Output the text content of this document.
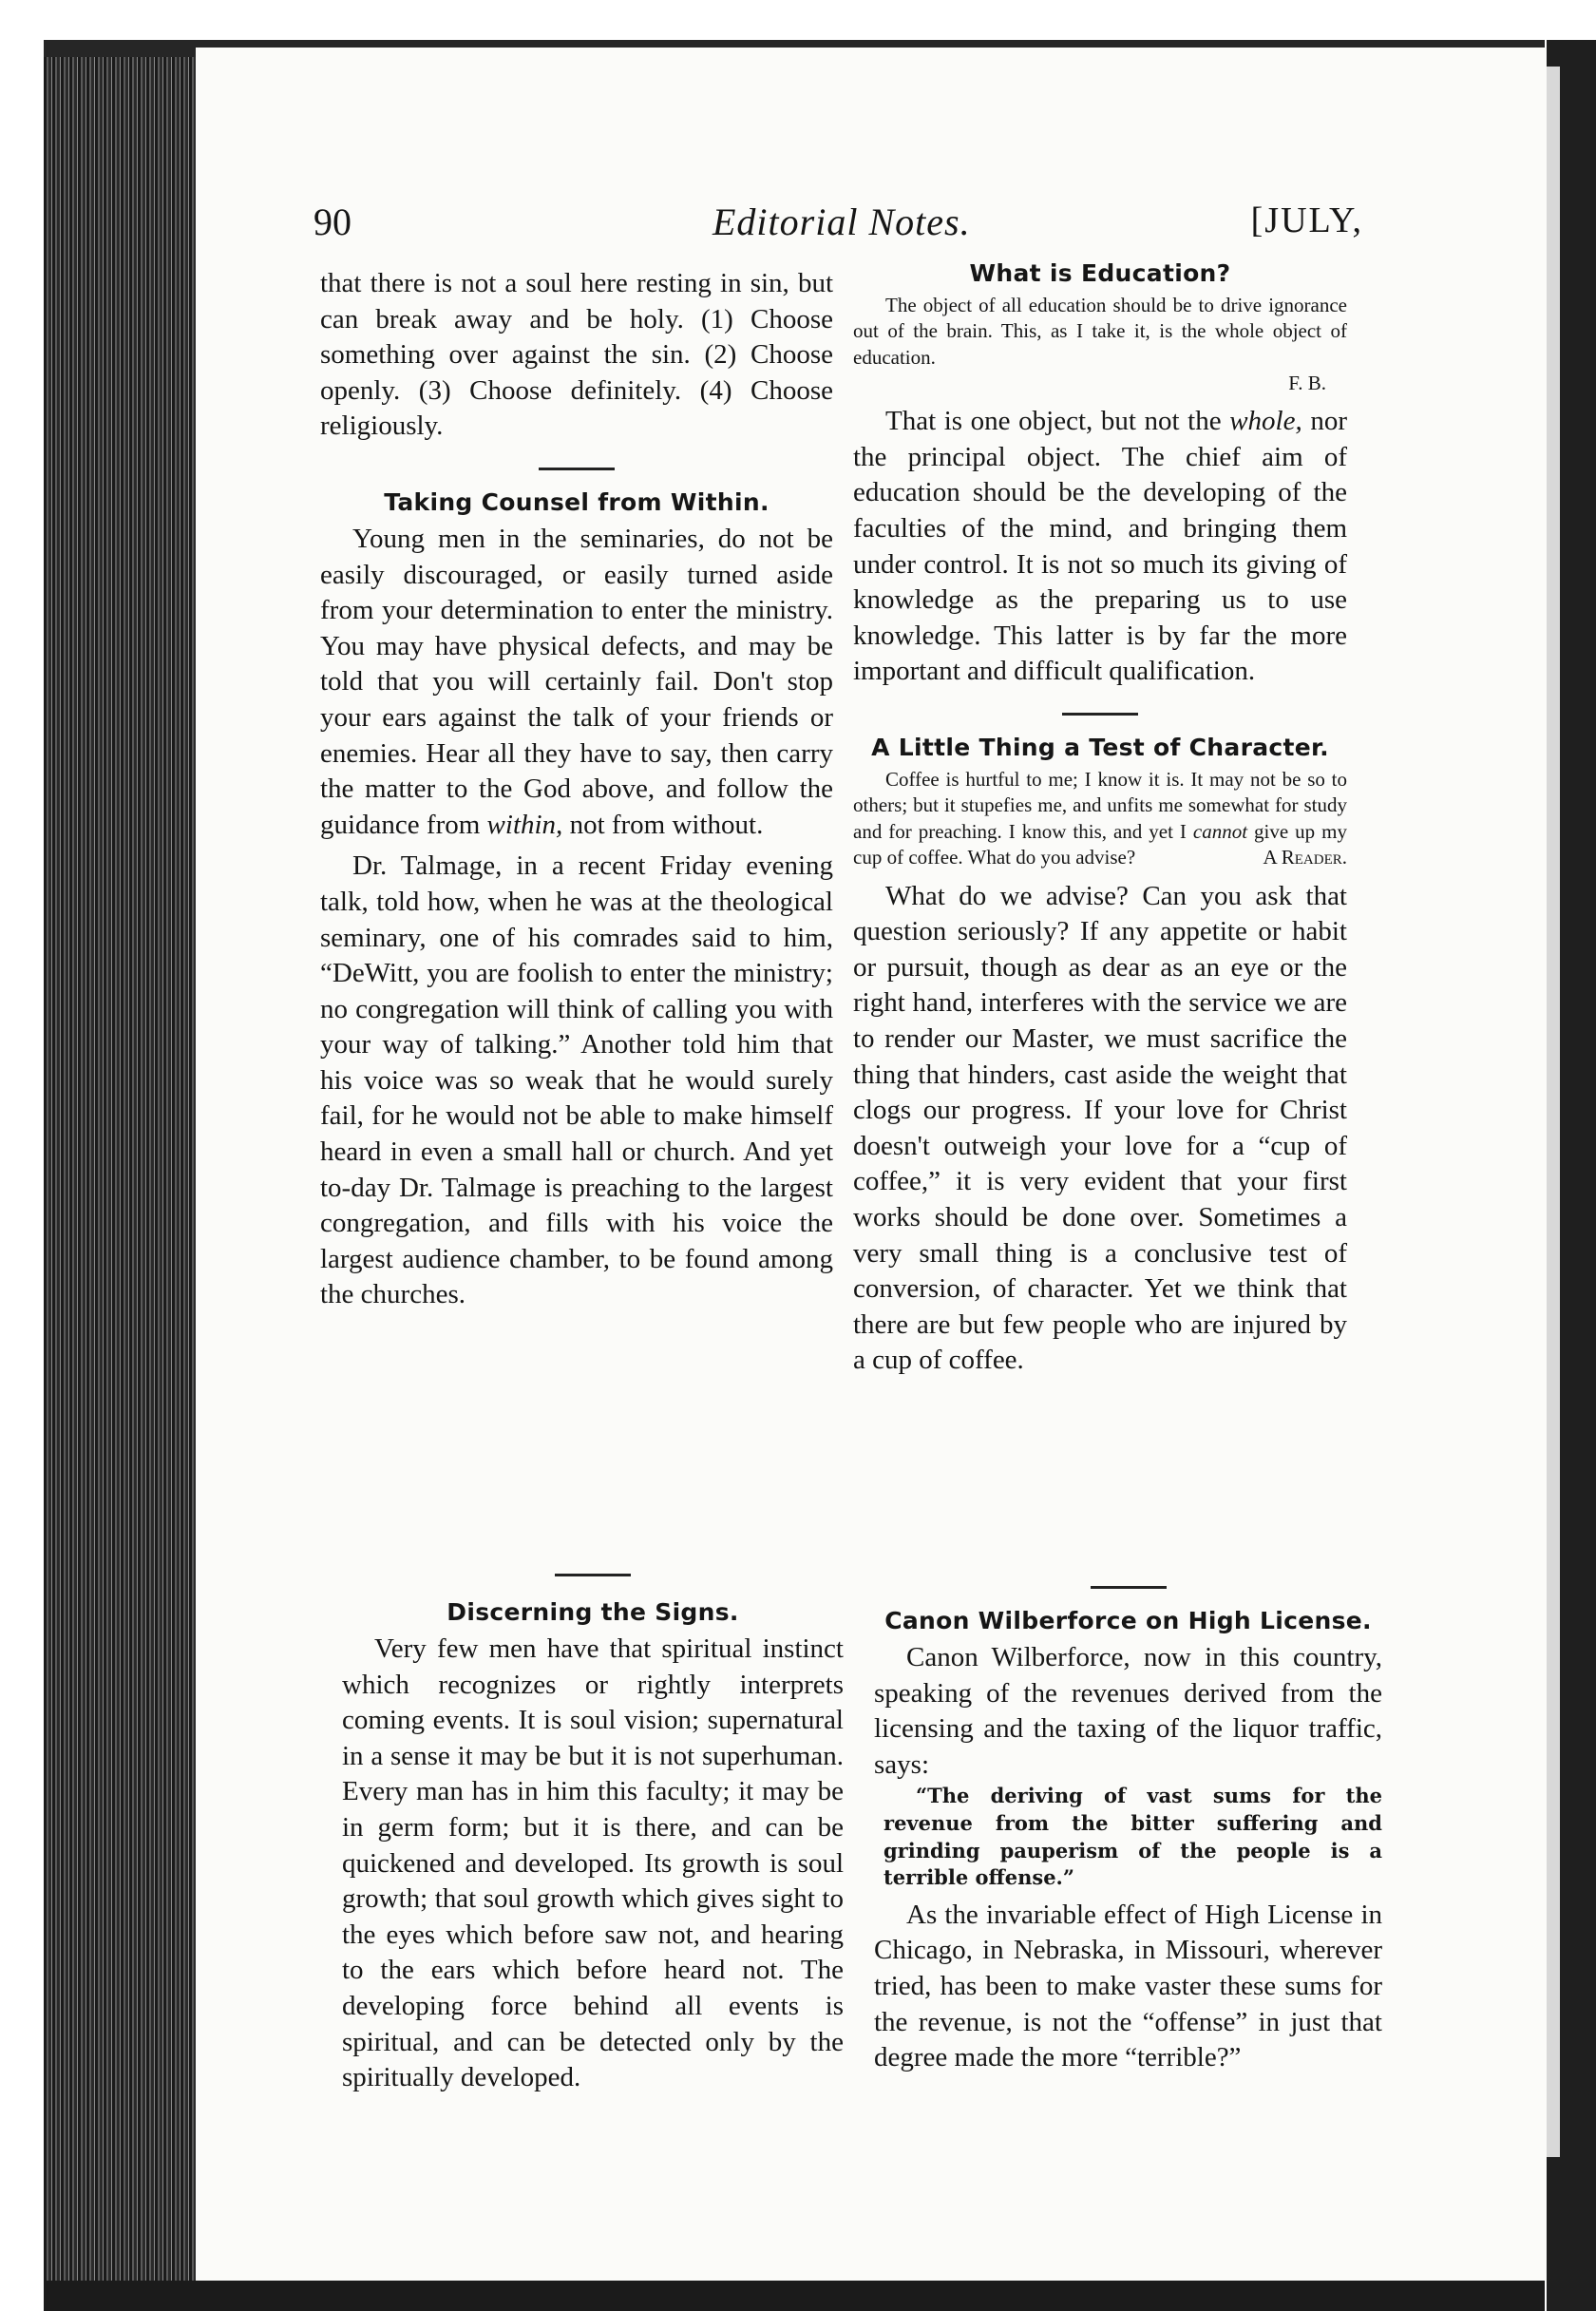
90	Editorial Notes.	[JULY,

that there is not a soul here resting in sin, but can break away and be holy. (1) Choose something over against the sin. (2) Choose openly. (3) Choose definitely. (4) Choose religiously.

Taking Counsel from Within.

Young men in the seminaries, do not be easily discouraged, or easily turned aside from your determination to enter the ministry. You may have physical defects, and may be told that you will certainly fail. Don't stop your ears against the talk of your friends or enemies. Hear all they have to say, then carry the matter to the God above, and follow the guidance from within, not from without.

Dr. Talmage, in a recent Friday evening talk, told how, when he was at the theological seminary, one of his comrades said to him, “DeWitt, you are foolish to enter the ministry; no congregation will think of calling you with your way of talking.” Another told him that his voice was so weak that he would surely fail, for he would not be able to make himself heard in even a small hall or church. And yet to-day Dr. Talmage is preaching to the largest congregation, and fills with his voice the largest audience chamber, to be found among the churches.

Discerning the Signs.

Very few men have that spiritual instinct which recognizes or rightly interprets coming events. It is soul vision; supernatural in a sense it may be but it is not superhuman. Every man has in him this faculty; it may be in germ form; but it is there, and can be quickened and developed. Its growth is soul growth; that soul growth which gives sight to the eyes which before saw not, and hearing to the ears which before heard not. The developing force behind all events is spiritual, and can be detected only by the spiritually developed.

What is Education?

The object of all education should be to drive ignorance out of the brain. This, as I take it, is the whole object of education.

F. B.

That is one object, but not the whole, nor the principal object. The chief aim of education should be the developing of the faculties of the mind, and bringing them under control. It is not so much its giving of knowledge as the preparing us to use knowledge. This latter is by far the more important and difficult qualification.

A Little Thing a Test of Character.

Coffee is hurtful to me; I know it is. It may not be so to others; but it stupefies me, and unfits me somewhat for study and for preaching. I know this, and yet I cannot give up my cup of coffee. What do you advise?	A Reader.

What do we advise? Can you ask that question seriously? If any appetite or habit or pursuit, though as dear as an eye or the right hand, interferes with the service we are to render our Master, we must sacrifice the thing that hinders, cast aside the weight that clogs our progress. If your love for Christ doesn't outweigh your love for a “cup of coffee,” it is very evident that your first works should be done over. Sometimes a very small thing is a conclusive test of conversion, of character. Yet we think that there are but few people who are injured by a cup of coffee.

Canon Wilberforce on High License.

Canon Wilberforce, now in this country, speaking of the revenues derived from the licensing and the taxing of the liquor traffic, says:

“The deriving of vast sums for the revenue from the bitter suffering and grinding pauperism of the people is a terrible offense.”

As the invariable effect of High License in Chicago, in Nebraska, in Missouri, wherever tried, has been to make vaster these sums for the revenue, is not the “offense” in just that degree made the more “terrible?”
